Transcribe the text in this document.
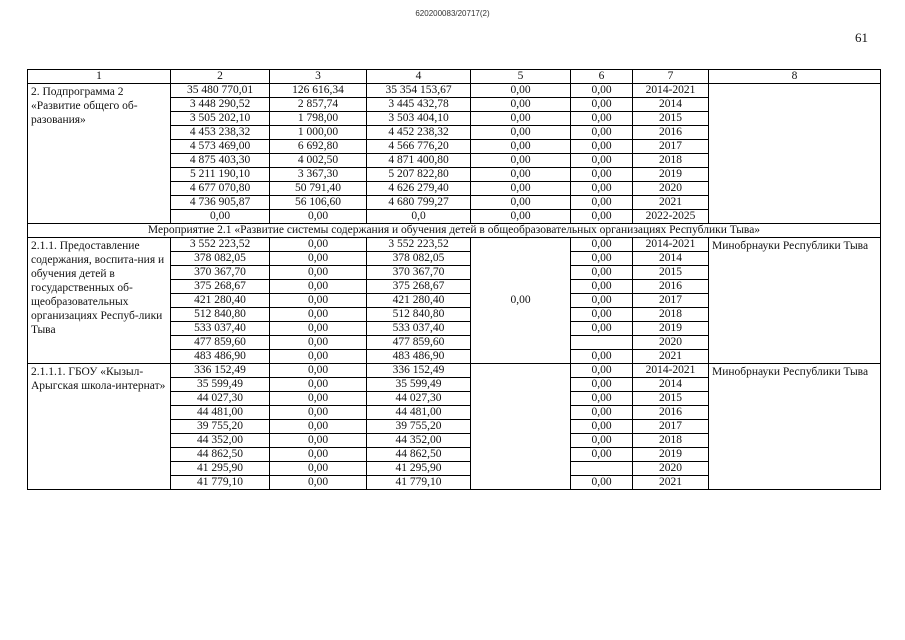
620200083/20717(2)
61
1	2	3	4	5	6	7	8
2. Подпрограмма 2 «Развитие общего об-разования»	35 480 770,01	126 616,34	35 354 153,67	0,00	0,00	2014-2021	
	3 448 290,52	2 857,74	3 445 432,78	0,00	0,00	2014	
	3 505 202,10	1 798,00	3 503 404,10	0,00	0,00	2015	
	4 453 238,32	1 000,00	4 452 238,32	0,00	0,00	2016	
	4 573 469,00	6 692,80	4 566 776,20	0,00	0,00	2017	
	4 875 403,30	4 002,50	4 871 400,80	0,00	0,00	2018	
	5 211 190,10	3 367,30	5 207 822,80	0,00	0,00	2019	
	4 677 070,80	50 791,40	4 626 279,40	0,00	0,00	2020	
	4 736 905,87	56 106,60	4 680 799,27	0,00	0,00	2021	
	0,00	0,00	0,0	0,00	0,00	2022-2025	
Мероприятие 2.1 «Развитие системы содержания и обучения детей в общеобразовательных организациях Республики Тыва»							
2.1.1. Предоставление содержания, воспита-ния и обучения детей в государственных об-щеобразовательных организациях Респуб-лики Тыва	3 552 223,52	0,00	3 552 223,52	0,00	0,00	2014-2021	Минобрнауки Республики Тыва
	378 082,05	0,00	378 082,05		0,00	2014	
	370 367,70	0,00	370 367,70		0,00	2015	
	375 268,67	0,00	375 268,67		0,00	2016	
	421 280,40	0,00	421 280,40		0,00	2017	
	512 840,80	0,00	512 840,80		0,00	2018	
	533 037,40	0,00	533 037,40		0,00	2019	
	477 859,60	0,00	477 859,60			2020	
	483 486,90	0,00	483 486,90		0,00	2021	
2.1.1.1. ГБОУ «Кызыл-Арыгская школа-интернат»	336 152,49	0,00	336 152,49		0,00	2014-2021	Минобрнауки Республики Тыва
	35 599,49	0,00	35 599,49		0,00	2014	
	44 027,30	0,00	44 027,30		0,00	2015	
	44 481,00	0,00	44 481,00		0,00	2016	
	39 755,20	0,00	39 755,20		0,00	2017	
	44 352,00	0,00	44 352,00		0,00	2018	
	44 862,50	0,00	44 862,50		0,00	2019	
	41 295,90	0,00	41 295,90			2020	
	41 779,10	0,00	41 779,10		0,00	2021	
